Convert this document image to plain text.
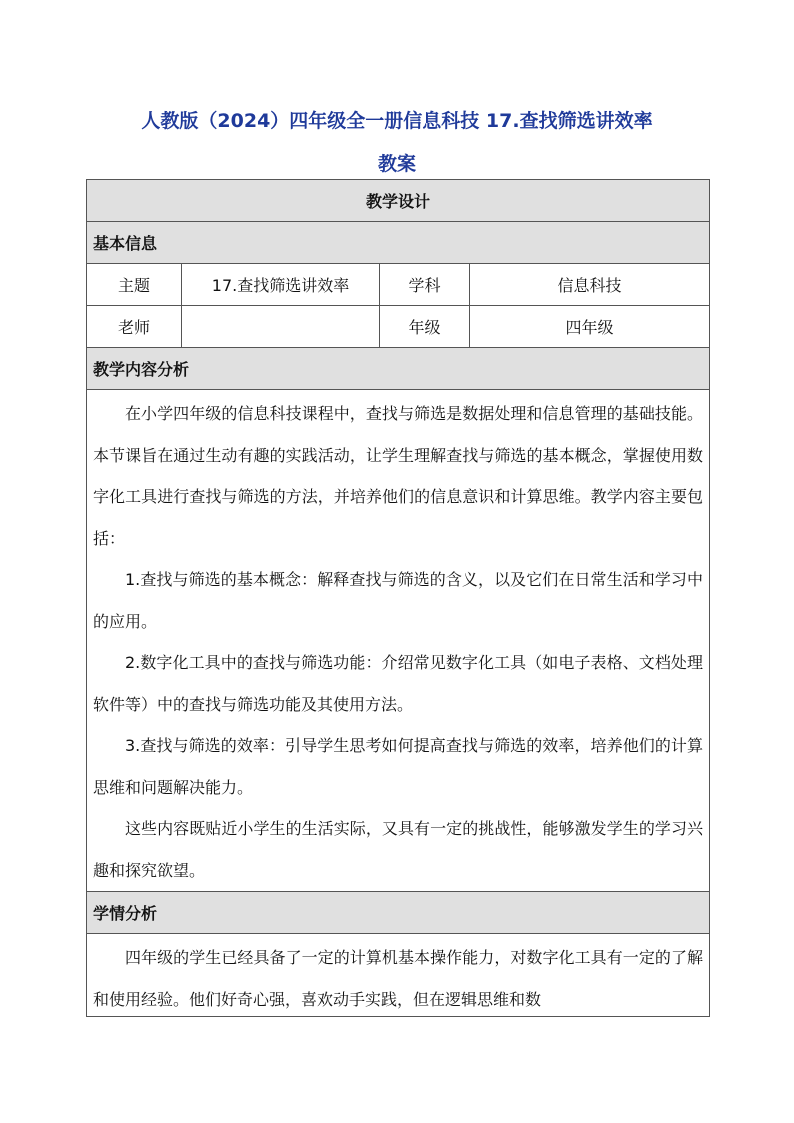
人教版（2024）四年级全一册信息科技 17.查找筛选讲效率
教案
教学设计			
基本信息			
主题	17.查找筛选讲效率	学科	信息科技
老师		年级	四年级
教学内容分析			

在小学四年级的信息科技课程中，查找与筛选是数据处理和信息管理的基础技能。本节课旨在通过生动有趣的实践活动，让学生理解查找与筛选的基本概念，掌握使用数字化工具进行查找与筛选的方法，并培养他们的信息意识和计算思维。教学内容主要包括：

1.查找与筛选的基本概念：解释查找与筛选的含义，以及它们在日常生活和学习中的应用。

2.数字化工具中的查找与筛选功能：介绍常见数字化工具（如电子表格、文档处理软件等）中的查找与筛选功能及其使用方法。

3.查找与筛选的效率：引导学生思考如何提高查找与筛选的效率，培养他们的计算思维和问题解决能力。

这些内容既贴近小学生的生活实际，又具有一定的挑战性，能够激发学生的学习兴趣和探究欲望。			

学情分析			

四年级的学生已经具备了一定的计算机基本操作能力，对数字化工具有一定的了解和使用经验。他们好奇心强，喜欢动手实践，但在逻辑思维和数			
